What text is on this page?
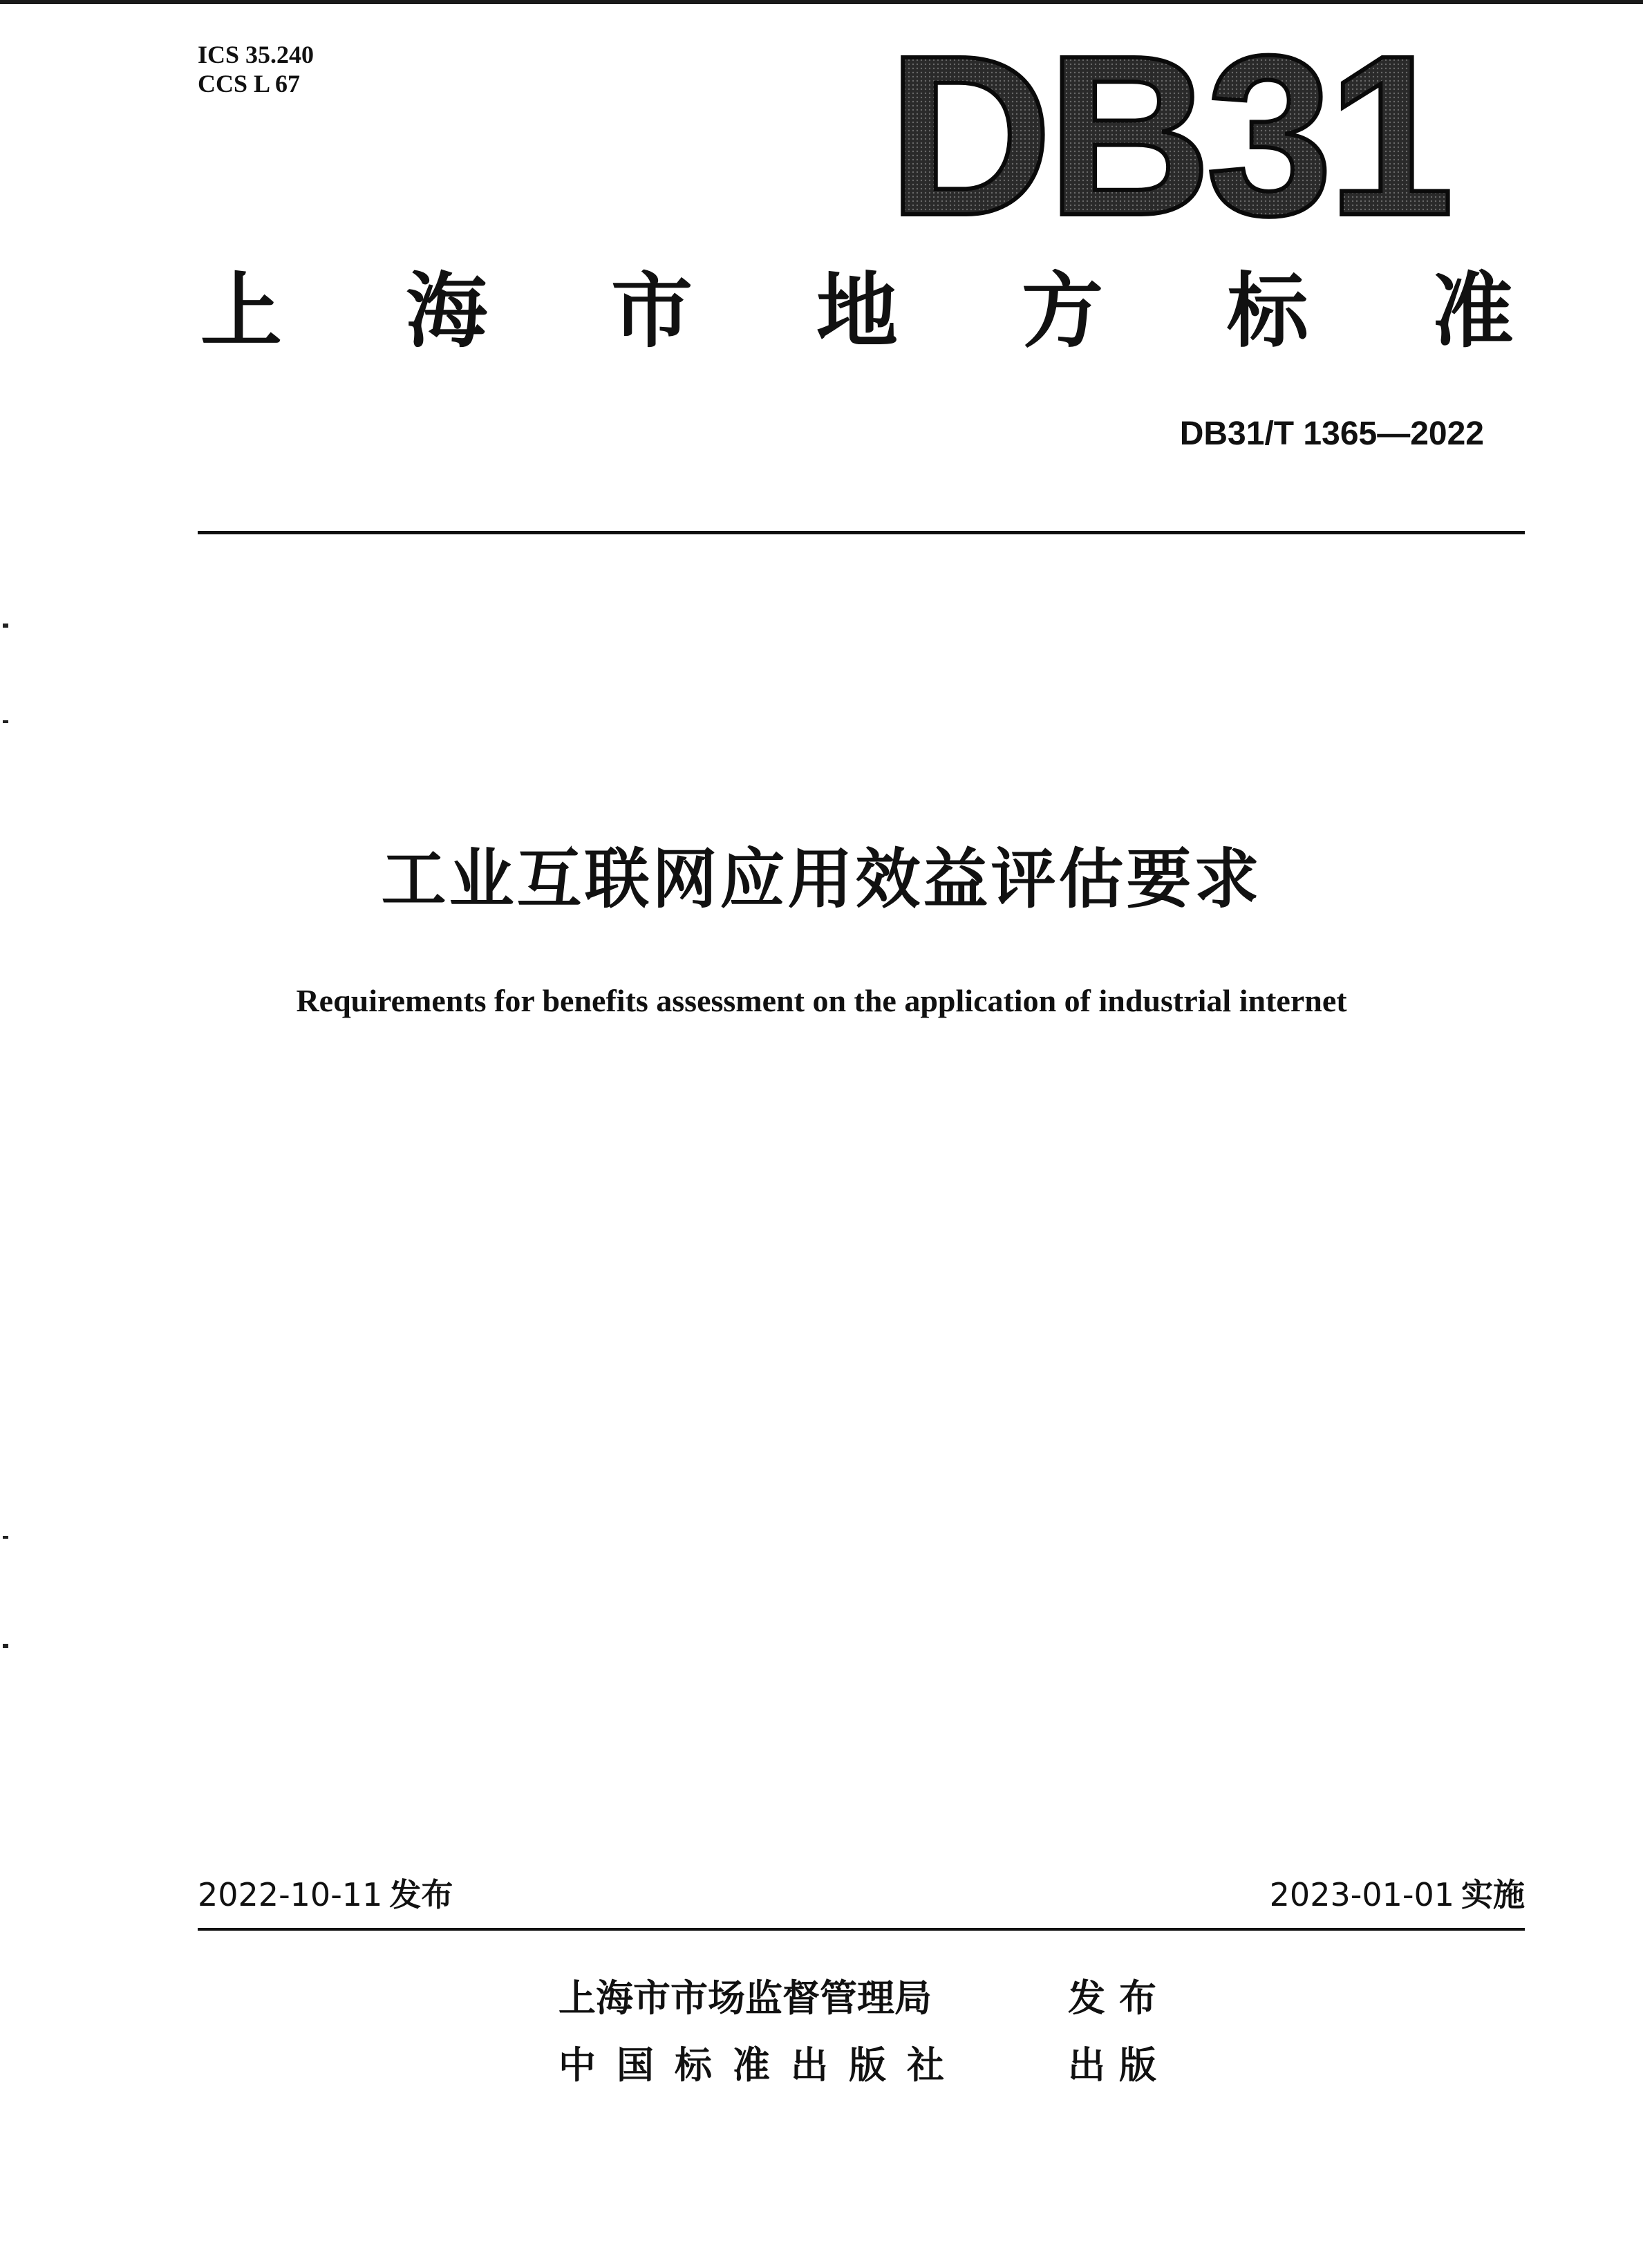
ICS 35.240
CCS L 67	DB31
上 海 市 地 方 标 准
DB31/T 1365—2022
工业互联网应用效益评估要求
Requirements for benefits assessment on the application of industrial internet
2022-10-11 发布	2023-01-01 实施
上海市市场监督管理局	发布
中国标准出版社	出版
